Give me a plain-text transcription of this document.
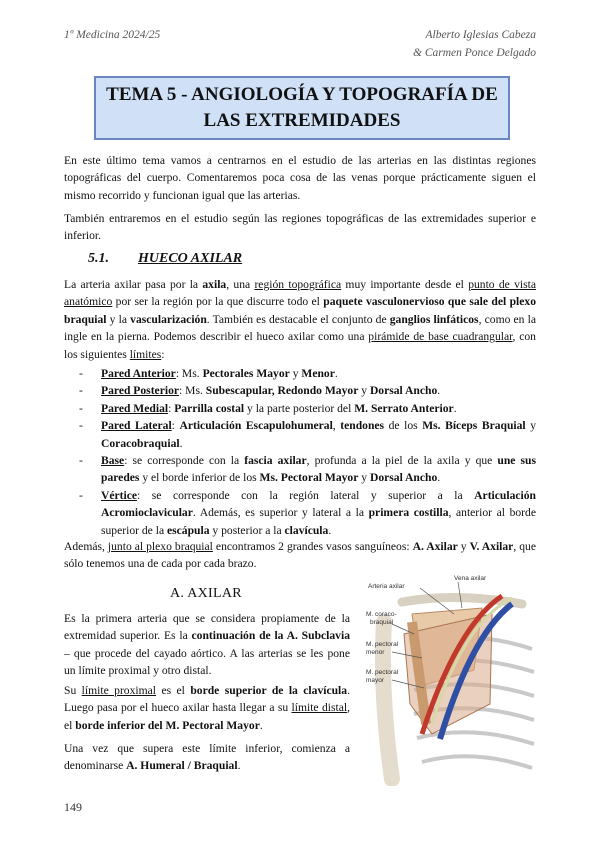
1º Medicina 2024/25	Alberto Iglesias Cabeza
& Carmen Ponce Delgado
TEMA 5 - ANGIOLOGÍA Y TOPOGRAFÍA DE
LAS EXTREMIDADES

En este último tema vamos a centrarnos en el estudio de las arterias en las distintas regiones topográficas del cuerpo. Comentaremos poca cosa de las venas porque prácticamente siguen el mismo recorrido y funcionan igual que las arterias.

También entraremos en el estudio según las regiones topográficas de las extremidades superior e inferior.

5.1. HUECO AXILAR

La arteria axilar pasa por la axila, una región topográfica muy importante desde el punto de vista anatómico por ser la región por la que discurre todo el paquete vasculonervioso que sale del plexo braquial y la vascularización. También es destacable el conjunto de ganglios linfáticos, como en la ingle en la pierna. Podemos describir el hueco axilar como una pirámide de base cuadrangular, con los siguientes límites:

- Pared Anterior: Ms. Pectorales Mayor y Menor.
- Pared Posterior: Ms. Subescapular, Redondo Mayor y Dorsal Ancho.
- Pared Medial: Parrilla costal y la parte posterior del M. Serrato Anterior.
- Pared Lateral: Articulación Escapulohumeral, tendones de los Ms. Bíceps Braquial y Coracobraquial.
- Base: se corresponde con la fascia axilar, profunda a la piel de la axila y que une sus paredes y el borde inferior de los Ms. Pectoral Mayor y Dorsal Ancho.
- Vértice: se corresponde con la región lateral y superior a la Articulación Acromioclavicular. Además, es superior y lateral a la primera costilla, anterior al borde superior de la escápula y posterior a la clavícula.

Además, junto al plexo braquial encontramos 2 grandes vasos sanguíneos: A. Axilar y V. Axilar, que sólo tenemos una de cada por cada brazo.

A. AXILAR

Es la primera arteria que se considera propiamente de la extremidad superior. Es la continuación de la A. Subclavia – que procede del cayado aórtico. A las arterias se les pone un límite proximal y otro distal.

Su límite proximal es el borde superior de la clavícula. Luego pasa por el hueco axilar hasta llegar a su límite distal, el borde inferior del M. Pectoral Mayor.

Una vez que supera este límite inferior, comienza a denominarse A. Humeral / Braquial.

Vena axilar
Arteria axilar
M. coraco-
braquial
M. pectoral
menor
M. pectoral
mayor
149
